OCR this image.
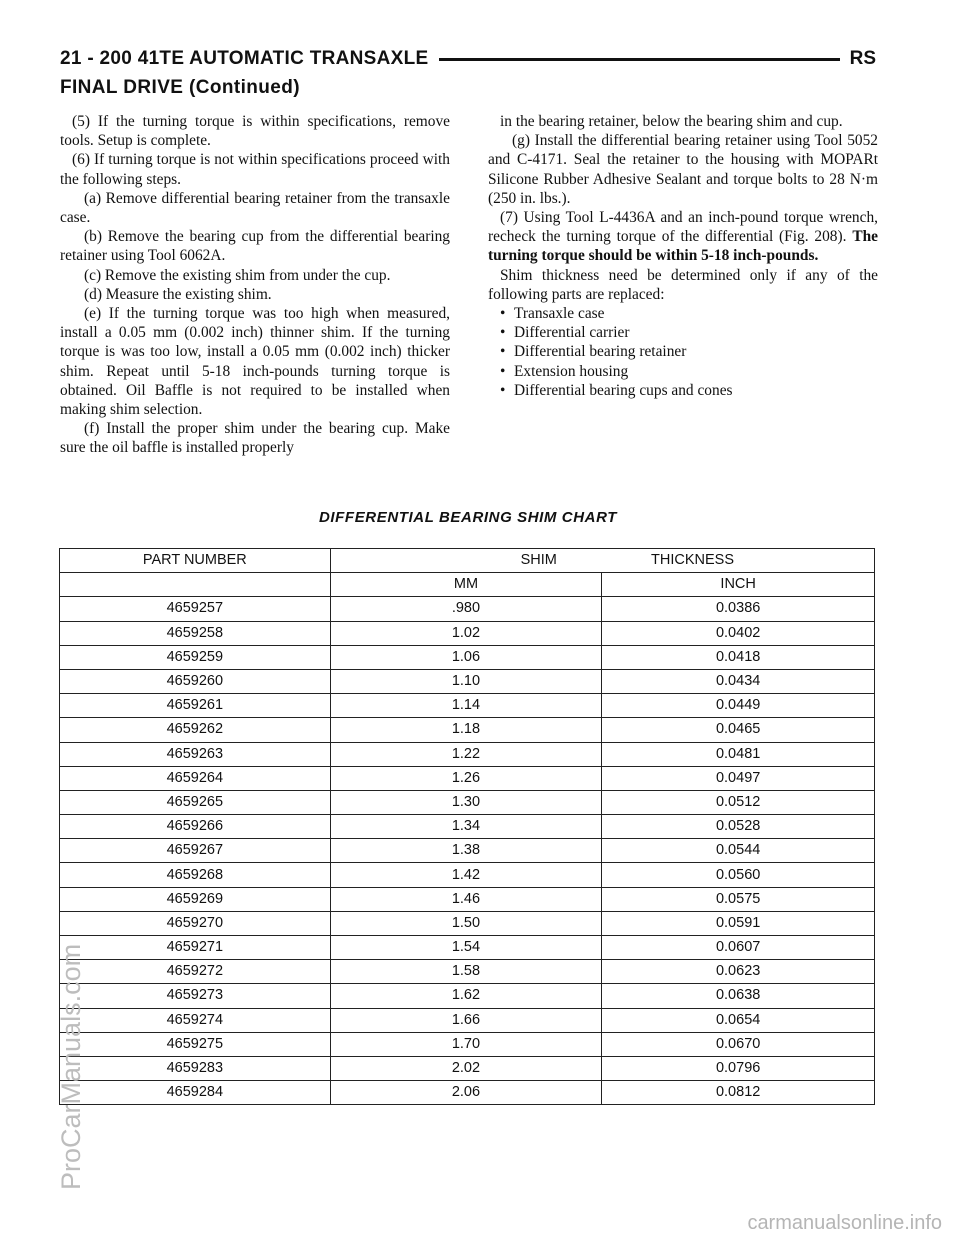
21 - 200 41TE AUTOMATIC TRANSAXLE	RS
FINAL DRIVE (Continued)

(5) If the turning torque is within specifications, remove tools. Setup is complete.

(6) If turning torque is not within specifications proceed with the following steps.

(a) Remove differential bearing retainer from the transaxle case.

(b) Remove the bearing cup from the differential bearing retainer using Tool 6062A.

(c) Remove the existing shim from under the cup.

(d) Measure the existing shim.

(e) If the turning torque was too high when measured, install a 0.05 mm (0.002 inch) thinner shim. If the turning torque is was too low, install a 0.05 mm (0.002 inch) thicker shim. Repeat until 5-18 inch-pounds turning torque is obtained. Oil Baffle is not required to be installed when making shim selection.

(f) Install the proper shim under the bearing cup. Make sure the oil baffle is installed properly

in the bearing retainer, below the bearing shim and cup.

(g) Install the differential bearing retainer using Tool 5052 and C-4171. Seal the retainer to the housing with MOPARt Silicone Rubber Adhesive Sealant and torque bolts to 28 N·m (250 in. lbs.).

(7) Using Tool L-4436A and an inch-pound torque wrench, recheck the turning torque of the differential (Fig. 208). The turning torque should be within 5-18 inch-pounds.

Shim thickness need be determined only if any of the following parts are replaced:

• Transaxle case
• Differential carrier
• Differential bearing retainer
• Extension housing
• Differential bearing cups and cones
DIFFERENTIAL BEARING SHIM CHART
PART NUMBER	SHIM THICKNESS	

	MM	INCH
4659257	.980	0.0386
4659258	1.02	0.0402
4659259	1.06	0.0418
4659260	1.10	0.0434
4659261	1.14	0.0449
4659262	1.18	0.0465
4659263	1.22	0.0481
4659264	1.26	0.0497
4659265	1.30	0.0512
4659266	1.34	0.0528
4659267	1.38	0.0544
4659268	1.42	0.0560
4659269	1.46	0.0575
4659270	1.50	0.0591
4659271	1.54	0.0607
4659272	1.58	0.0623
4659273	1.62	0.0638
4659274	1.66	0.0654
4659275	1.70	0.0670
4659283	2.02	0.0796
4659284	2.06	0.0812
ProCarManuals.com
carmanualsonline.info
